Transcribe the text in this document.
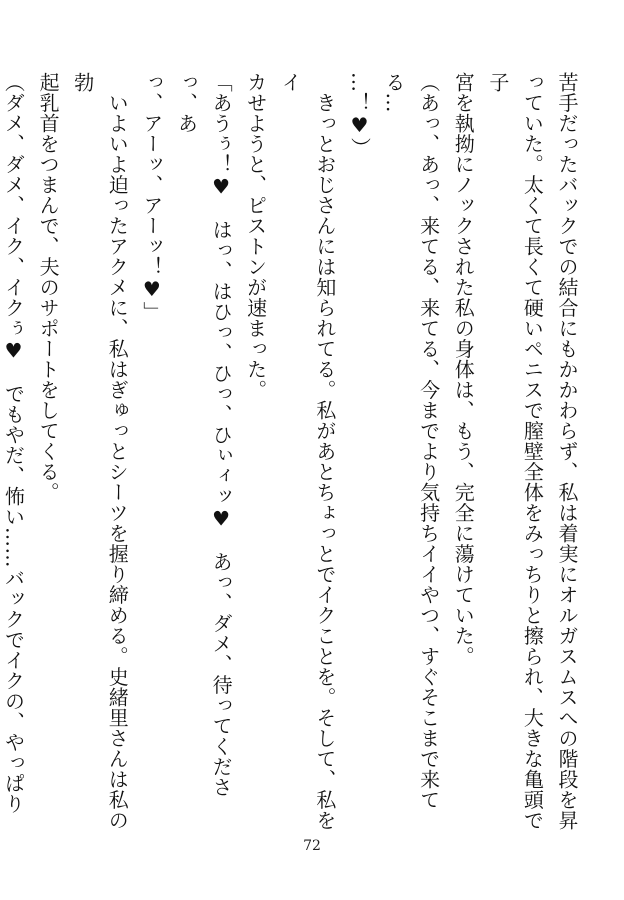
苦手だったバックでの結合にもかかわらず、私は着実にオルガスムスへの階段を昇
っていた。太くて長くて硬いペニスで膣壁全体をみっちりと擦られ、大きな亀頭で子
宮を執拗にノックされた私の身体は、もう、完全に蕩けていた。
（あっ、あっ、来てる、来てる、今までより気持ちイイやつ、すぐそこまで来てる…
…！♥）
　きっとおじさんには知られてる。私があとちょっとでイクことを。そして、私をイ
カせようと、ピストンが速まった。
「あうぅ！♥　はっ、はひっ、ひっ、ひぃィッ♥　あっ、ダメ、待ってくださっ、あ
っ、アーッ、アーッ！♥」
　いよいよ迫ったアクメに、私はぎゅっとシーツを握り締める。史緒里さんは私の勃
起乳首をつまんで、夫のサポートをしてくる。
（ダメ、ダメ、イク、イクぅ♥　でもやだ、怖い……バックでイクの、やっぱり
72
